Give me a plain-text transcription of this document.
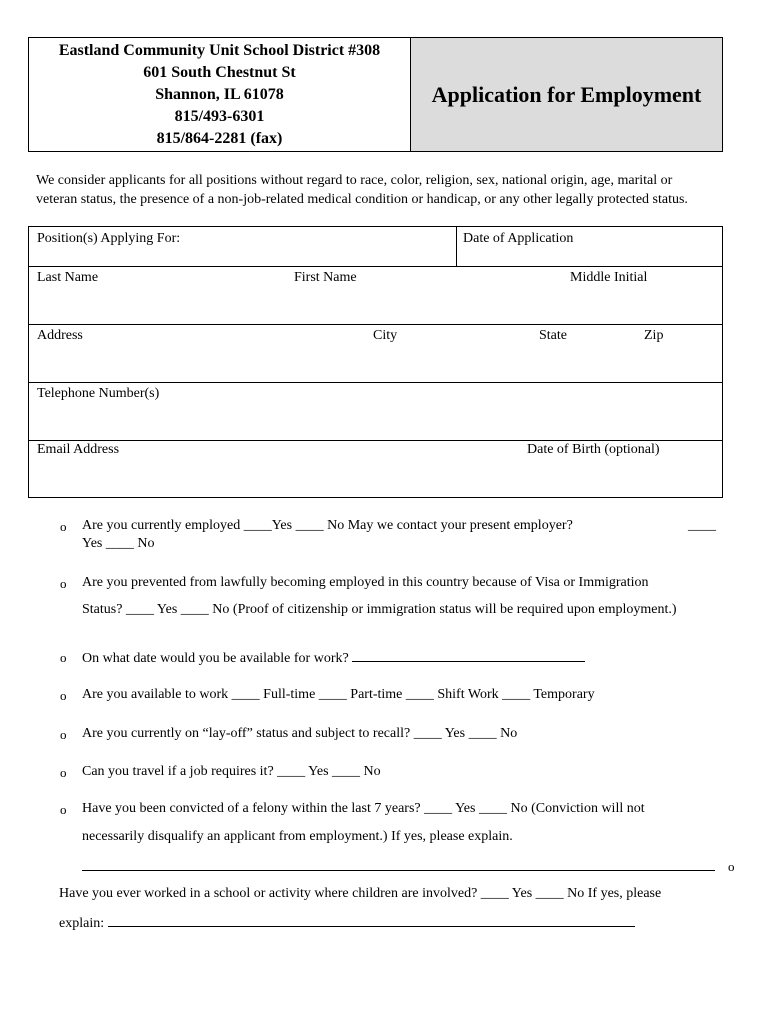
Eastland Community Unit School District #308
601 South Chestnut St
Shannon, IL 61078
815/493-6301
815/864-2281 (fax)
Application for Employment
We consider applicants for all positions without regard to race, color, religion, sex, national origin, age, marital or
veteran status, the presence of a non-job-related medical condition or handicap, or any other legally protected status.
Position(s) Applying For:	Date of Application
Last Name	First Name	Middle Initial
Address	City	State	Zip
Telephone Number(s)
Email Address	Date of Birth (optional)
o Are you currently employed ____Yes ____ No May we contact your present employer?	____
Yes ____ No
o Are you prevented from lawfully becoming employed in this country because of Visa or Immigration
Status? ____ Yes ____ No (Proof of citizenship or immigration status will be required upon employment.)
o On what date would you be available for work?
o Are you available to work ____ Full-time ____ Part-time ____ Shift Work ____ Temporary
o Are you currently on “lay-off” status and subject to recall? ____ Yes ____ No
o Can you travel if a job requires it? ____ Yes ____ No
o Have you been convicted of a felony within the last 7 years? ____ Yes ____ No (Conviction will not
necessarily disqualify an applicant from employment.) If yes, please explain.
o
Have you ever worked in a school or activity where children are involved? ____ Yes ____ No If yes, please
explain:
